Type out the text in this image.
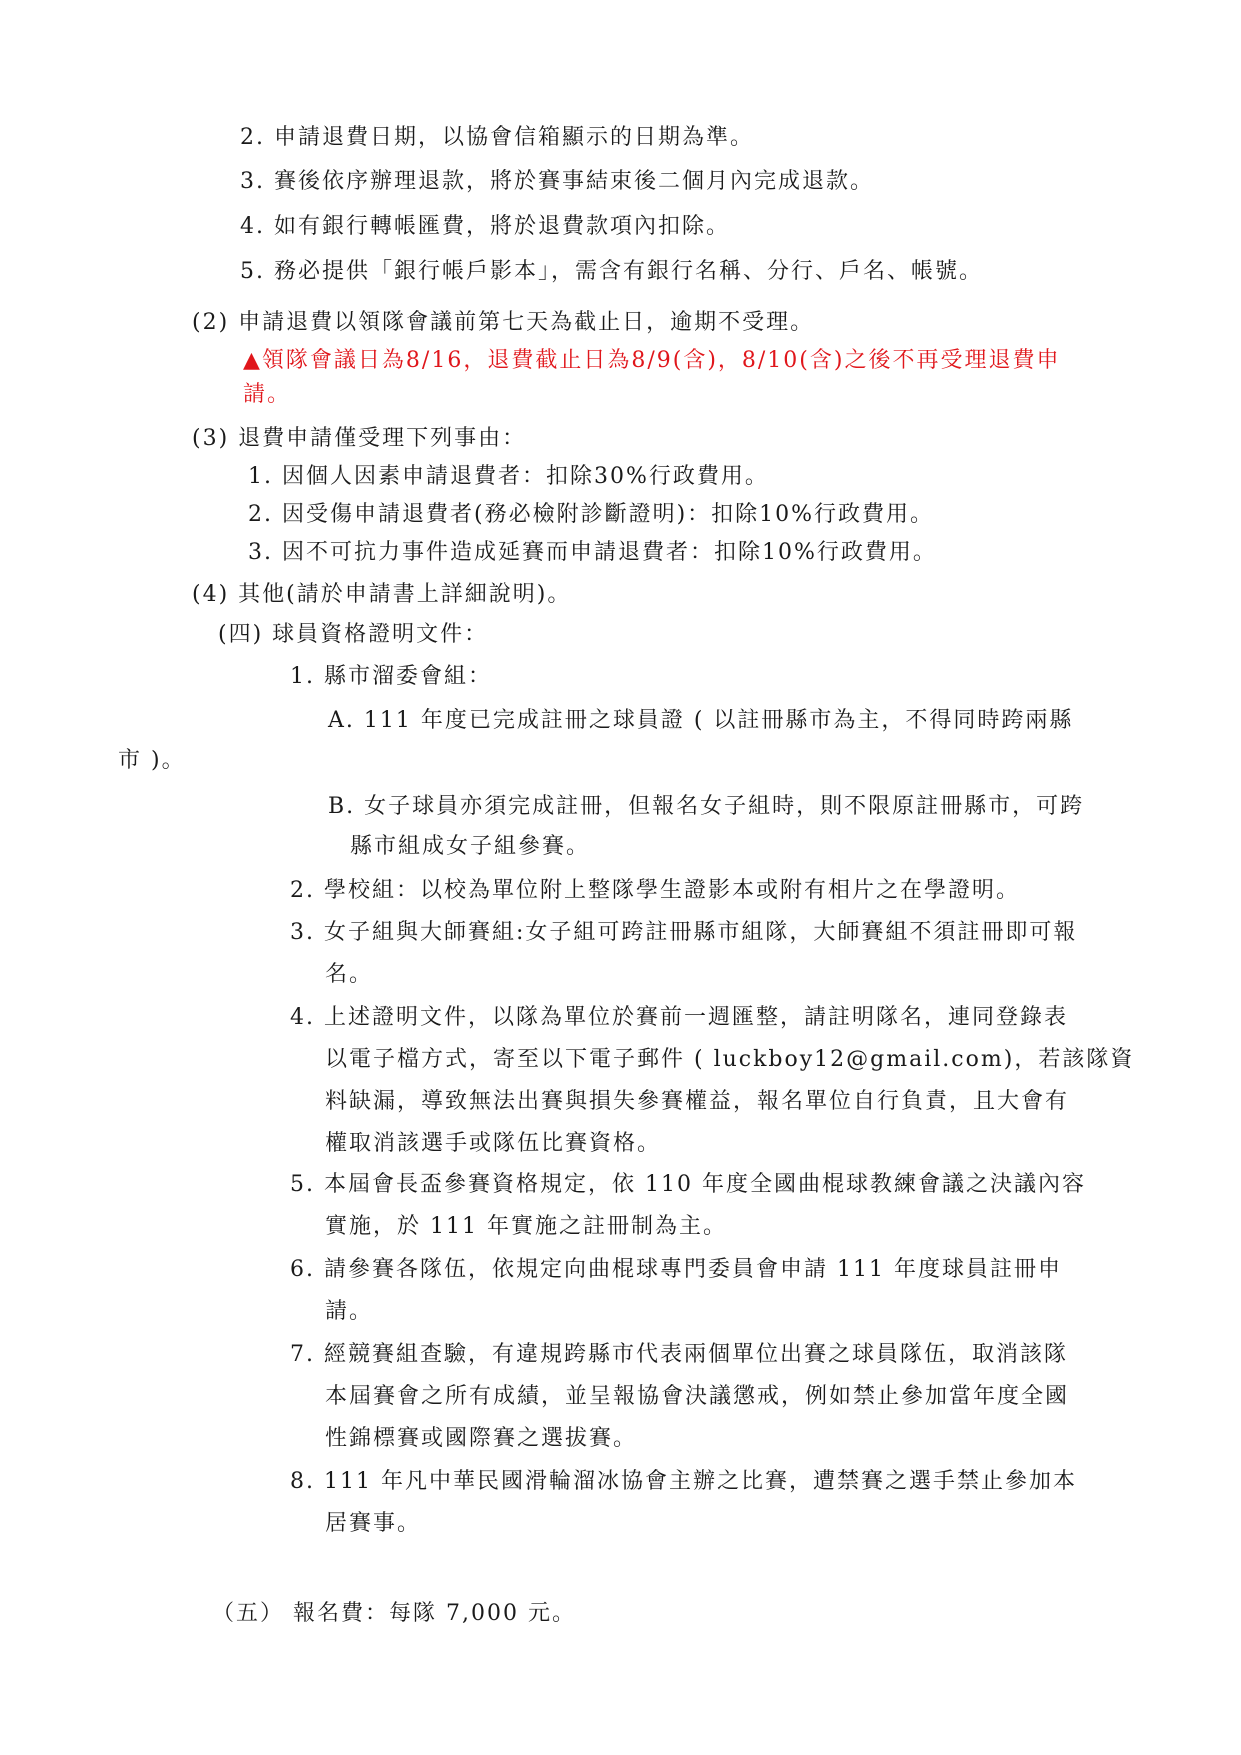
2. 申請退費日期，以協會信箱顯示的日期為準。
3. 賽後依序辦理退款，將於賽事結束後二個月內完成退款。
4. 如有銀行轉帳匯費，將於退費款項內扣除。
5. 務必提供「銀行帳戶影本」，需含有銀行名稱、分行、戶名、帳號。
(2) 申請退費以領隊會議前第七天為截止日，逾期不受理。
▲領隊會議日為8/16，退費截止日為8/9(含)，8/10(含)之後不再受理退費申
請。
(3) 退費申請僅受理下列事由：
1. 因個人因素申請退費者：扣除30%行政費用。
2. 因受傷申請退費者(務必檢附診斷證明)：扣除10%行政費用。
3. 因不可抗力事件造成延賽而申請退費者：扣除10%行政費用。
(4) 其他(請於申請書上詳細說明)。
(四) 球員資格證明文件：
1. 縣市溜委會組：
A. 111 年度已完成註冊之球員證 ( 以註冊縣市為主，不得同時跨兩縣
市 )。
B. 女子球員亦須完成註冊，但報名女子組時，則不限原註冊縣市，可跨
縣市組成女子組參賽。
2. 學校組：以校為單位附上整隊學生證影本或附有相片之在學證明。
3. 女子組與大師賽組:女子組可跨註冊縣市組隊，大師賽組不須註冊即可報
名。
4. 上述證明文件，以隊為單位於賽前一週匯整，請註明隊名，連同登錄表
以電子檔方式，寄至以下電子郵件 ( luckboy12@gmail.com)，若該隊資
料缺漏，導致無法出賽與損失參賽權益，報名單位自行負責，且大會有
權取消該選手或隊伍比賽資格。
5. 本屆會長盃參賽資格規定，依 110 年度全國曲棍球教練會議之決議內容
實施，於 111 年實施之註冊制為主。
6. 請參賽各隊伍，依規定向曲棍球專門委員會申請 111 年度球員註冊申
請。
7. 經競賽組查驗，有違規跨縣市代表兩個單位出賽之球員隊伍，取消該隊
本屆賽會之所有成績，並呈報協會決議懲戒，例如禁止參加當年度全國
性錦標賽或國際賽之選拔賽。
8. 111 年凡中華民國滑輪溜冰協會主辦之比賽，遭禁賽之選手禁止參加本
居賽事。
（五） 報名費：每隊 7,000 元。
